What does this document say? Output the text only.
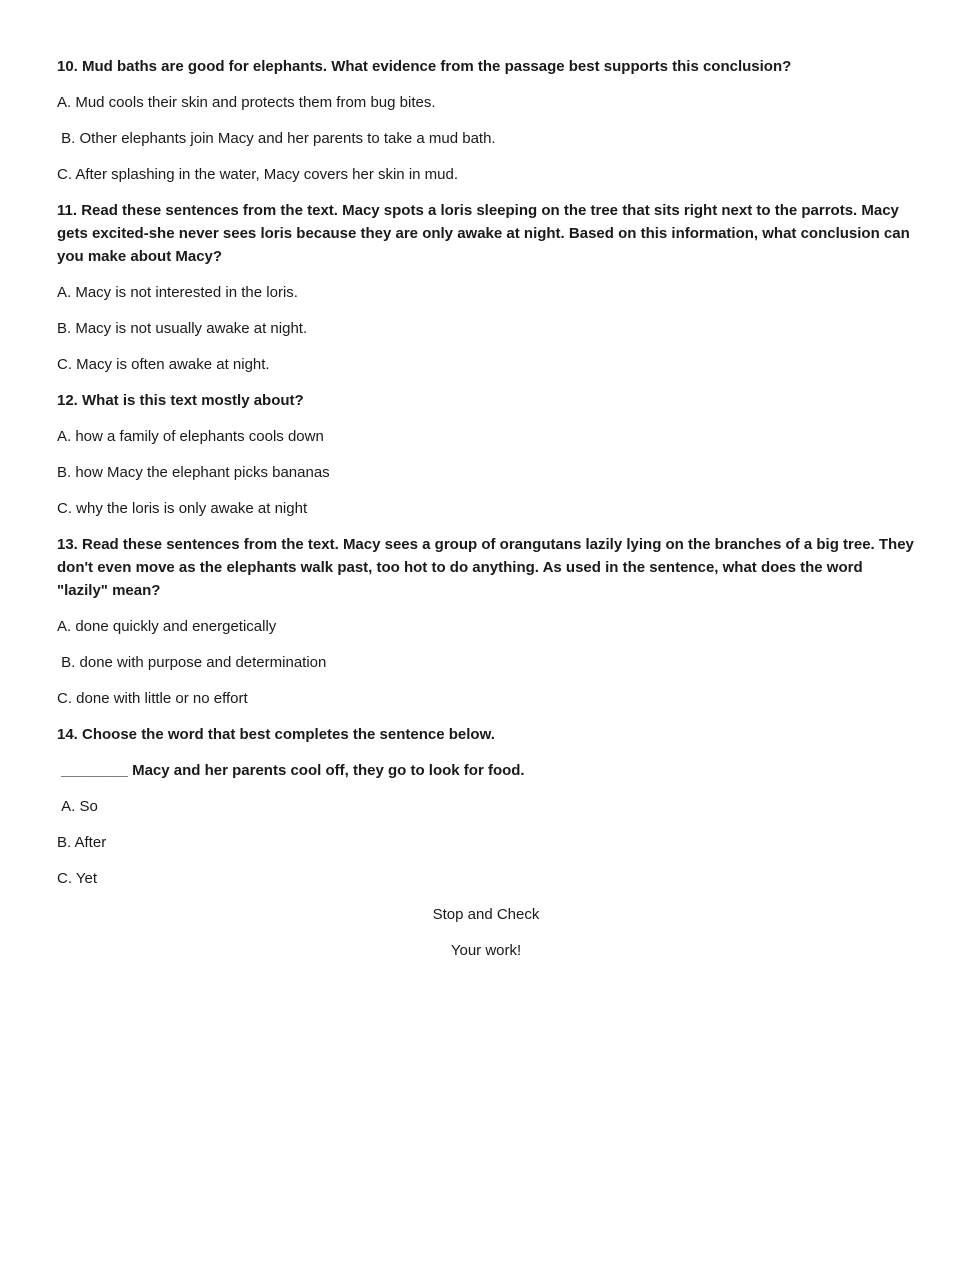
10. Mud baths are good for elephants. What evidence from the passage best supports this conclusion?

A. Mud cools their skin and protects them from bug bites.

B. Other elephants join Macy and her parents to take a mud bath.

C. After splashing in the water, Macy covers her skin in mud.

11. Read these sentences from the text. Macy spots a loris sleeping on the tree that sits right next to the parrots. Macy gets excited-she never sees loris because they are only awake at night. Based on this information, what conclusion can you make about Macy?

A. Macy is not interested in the loris.

B. Macy is not usually awake at night.

C. Macy is often awake at night.

12. What is this text mostly about?

A. how a family of elephants cools down

B. how Macy the elephant picks bananas

C. why the loris is only awake at night

13. Read these sentences from the text. Macy sees a group of orangutans lazily lying on the branches of a big tree. They don't even move as the elephants walk past, too hot to do anything. As used in the sentence, what does the word "lazily" mean?

A. done quickly and energetically

B. done with purpose and determination

C. done with little or no effort

14. Choose the word that best completes the sentence below.

________ Macy and her parents cool off, they go to look for food.

A. So

B. After

C. Yet

Stop and Check

Your work!
